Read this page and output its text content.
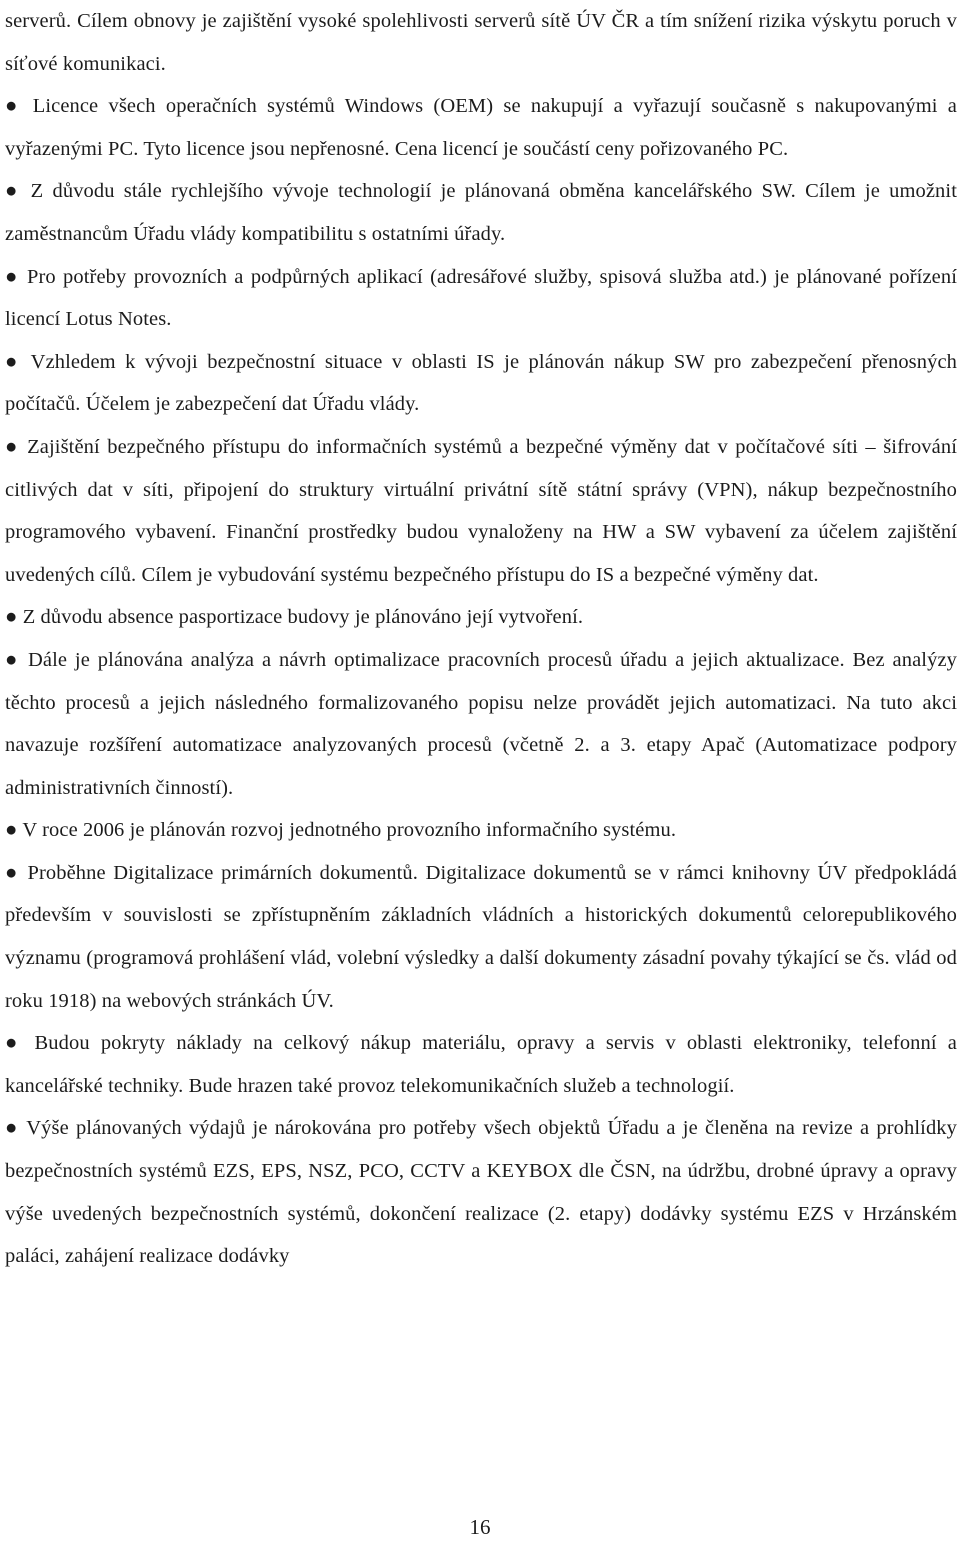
serverů. Cílem obnovy je zajištění vysoké spolehlivosti serverů sítě ÚV ČR a tím snížení rizika výskytu poruch v síťové komunikaci.

● Licence všech operačních systémů Windows (OEM) se nakupují a vyřazují současně s nakupovanými a vyřazenými PC. Tyto licence jsou nepřenosné. Cena licencí je součástí ceny pořizovaného PC.

● Z důvodu stále rychlejšího vývoje technologií je plánovaná obměna kancelářského SW. Cílem je umožnit zaměstnancům Úřadu vlády kompatibilitu s ostatními úřady.

● Pro potřeby provozních a podpůrných aplikací (adresářové služby, spisová služba atd.) je plánované pořízení licencí Lotus Notes.

● Vzhledem k vývoji bezpečnostní situace v oblasti IS je plánován nákup SW pro zabezpečení přenosných počítačů. Účelem je zabezpečení dat Úřadu vlády.

● Zajištění bezpečného přístupu do informačních systémů a bezpečné výměny dat v počítačové síti – šifrování citlivých dat v síti, připojení do struktury virtuální privátní sítě státní správy (VPN), nákup bezpečnostního programového vybavení. Finanční prostředky budou vynaloženy na HW a SW vybavení za účelem zajištění uvedených cílů. Cílem je vybudování systému bezpečného přístupu do IS a bezpečné výměny dat.

● Z důvodu absence pasportizace budovy je plánováno její vytvoření.

● Dále je plánována analýza a návrh optimalizace pracovních procesů úřadu a jejich aktualizace. Bez analýzy těchto procesů a jejich následného formalizovaného popisu nelze provádět jejich automatizaci. Na tuto akci navazuje rozšíření automatizace analyzovaných procesů (včetně 2. a 3. etapy Apač (Automatizace podpory administrativních činností).

● V roce 2006 je plánován rozvoj jednotného provozního informačního systému.

● Proběhne Digitalizace primárních dokumentů. Digitalizace dokumentů se v rámci knihovny ÚV předpokládá především v souvislosti se zpřístupněním základních vládních a historických dokumentů celorepublikového významu (programová prohlášení vlád, volební výsledky a další dokumenty zásadní povahy týkající se čs. vlád od roku 1918) na webových stránkách ÚV.

● Budou pokryty náklady na celkový nákup materiálu, opravy a servis v oblasti elektroniky, telefonní a kancelářské techniky. Bude hrazen také provoz telekomunikačních služeb a technologií.

● Výše plánovaných výdajů je nárokována pro potřeby všech objektů Úřadu a je členěna na revize a prohlídky bezpečnostních systémů EZS, EPS, NSZ, PCO, CCTV a KEYBOX dle ČSN, na údržbu, drobné úpravy a opravy výše uvedených bezpečnostních systémů, dokončení realizace (2. etapy) dodávky systému EZS v Hrzánském paláci, zahájení realizace dodávky

16
